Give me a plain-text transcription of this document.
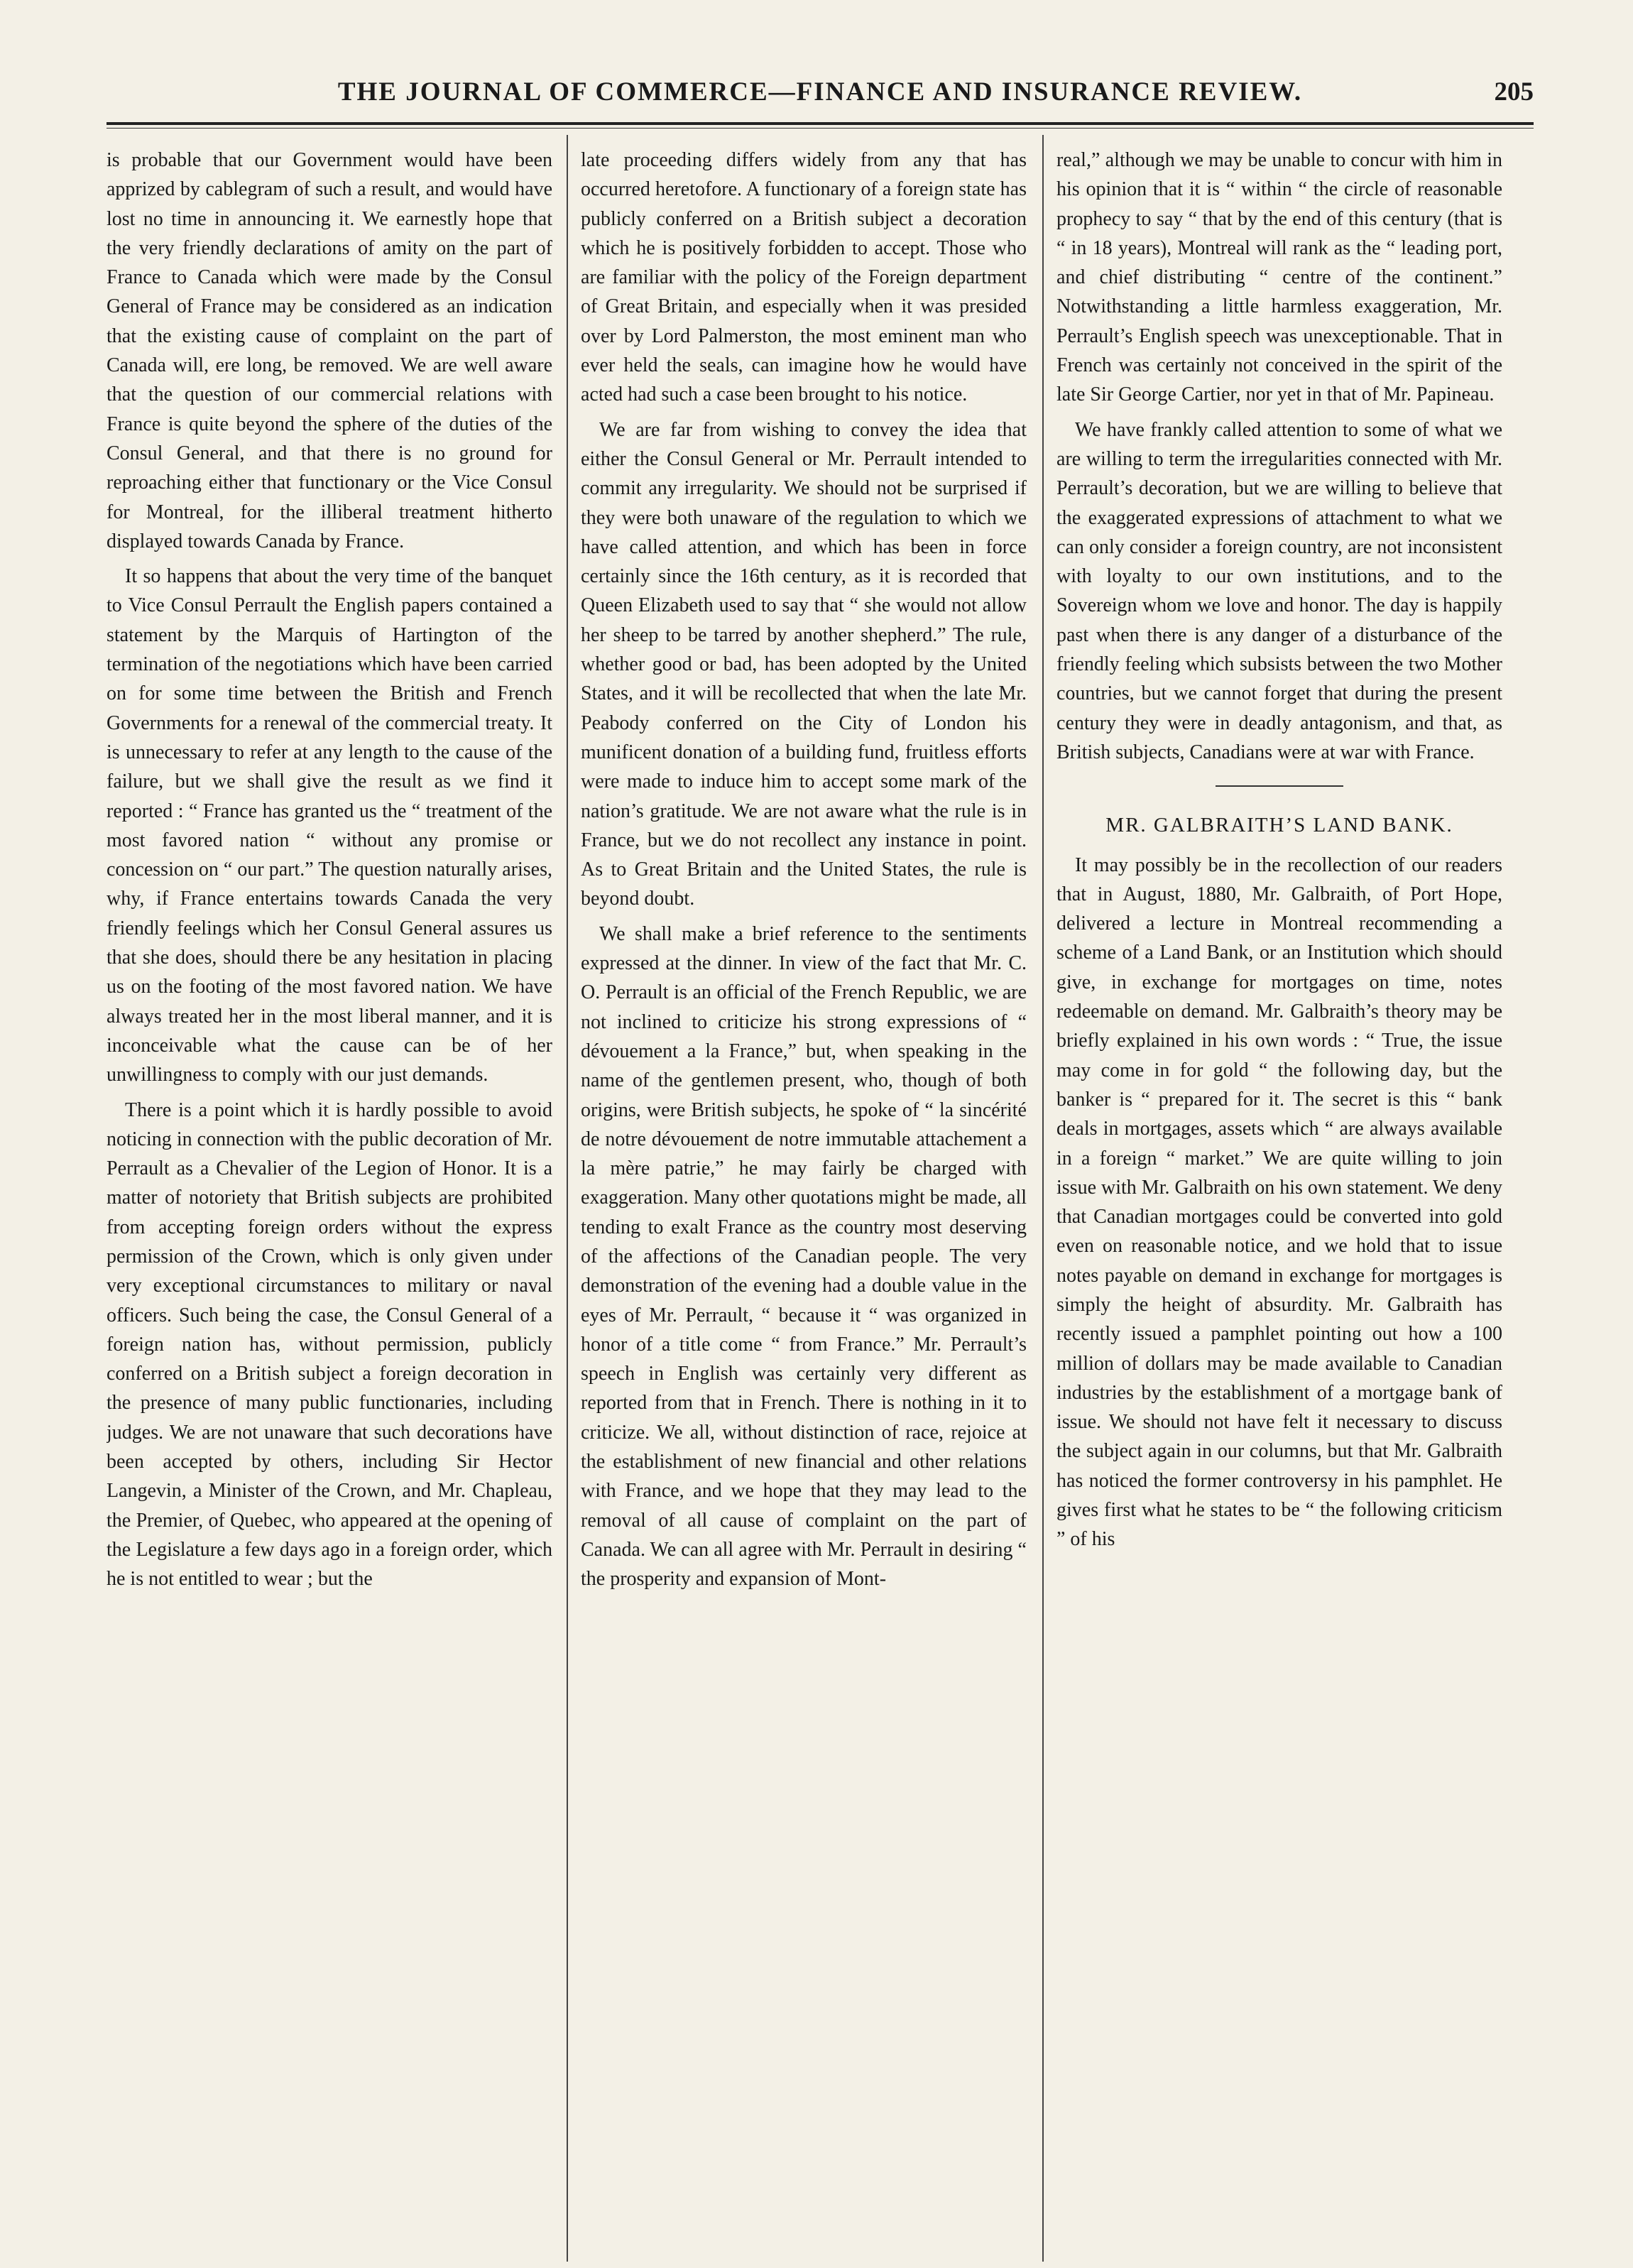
THE JOURNAL OF COMMERCE—FINANCE AND INSURANCE REVIEW.	205

is probable that our Government would have been apprized by cablegram of such a result, and would have lost no time in announcing it. We earnestly hope that the very friendly declarations of amity on the part of France to Canada which were made by the Consul General of France may be considered as an indication that the existing cause of complaint on the part of Canada will, ere long, be removed. We are well aware that the question of our commercial relations with France is quite beyond the sphere of the duties of the Consul General, and that there is no ground for reproaching either that functionary or the Vice Consul for Montreal, for the illiberal treatment hitherto displayed towards Canada by France.

It so happens that about the very time of the banquet to Vice Consul Perrault the English papers contained a statement by the Marquis of Hartington of the termination of the negotiations which have been carried on for some time between the British and French Governments for a renewal of the commercial treaty. It is unnecessary to refer at any length to the cause of the failure, but we shall give the result as we find it reported : “ France has granted us the “ treatment of the most favored nation “ without any promise or concession on “ our part.” The question naturally arises, why, if France entertains towards Canada the very friendly feelings which her Consul General assures us that she does, should there be any hesitation in placing us on the footing of the most favored nation. We have always treated her in the most liberal manner, and it is inconceivable what the cause can be of her unwillingness to comply with our just demands.

There is a point which it is hardly possible to avoid noticing in connection with the public decoration of Mr. Perrault as a Chevalier of the Legion of Honor. It is a matter of notoriety that British subjects are prohibited from accepting foreign orders without the express permission of the Crown, which is only given under very exceptional circumstances to military or naval officers. Such being the case, the Consul General of a foreign nation has, without permission, publicly conferred on a British subject a foreign decoration in the presence of many public functionaries, including judges. We are not unaware that such decorations have been accepted by others, including Sir Hector Langevin, a Minister of the Crown, and Mr. Chapleau, the Premier, of Quebec, who appeared at the opening of the Legislature a few days ago in a foreign order, which he is not entitled to wear ; but the

late proceeding differs widely from any that has occurred heretofore. A functionary of a foreign state has publicly conferred on a British subject a decoration which he is positively forbidden to accept. Those who are familiar with the policy of the Foreign department of Great Britain, and especially when it was presided over by Lord Palmerston, the most eminent man who ever held the seals, can imagine how he would have acted had such a case been brought to his notice.

We are far from wishing to convey the idea that either the Consul General or Mr. Perrault intended to commit any irregularity. We should not be surprised if they were both unaware of the regulation to which we have called attention, and which has been in force certainly since the 16th century, as it is recorded that Queen Elizabeth used to say that “ she would not allow her sheep to be tarred by another shepherd.” The rule, whether good or bad, has been adopted by the United States, and it will be recollected that when the late Mr. Peabody conferred on the City of London his munificent donation of a building fund, fruitless efforts were made to induce him to accept some mark of the nation’s gratitude. We are not aware what the rule is in France, but we do not recollect any instance in point. As to Great Britain and the United States, the rule is beyond doubt.

We shall make a brief reference to the sentiments expressed at the dinner. In view of the fact that Mr. C. O. Perrault is an official of the French Republic, we are not inclined to criticize his strong expressions of “ dévouement a la France,” but, when speaking in the name of the gentlemen present, who, though of both origins, were British subjects, he spoke of “ la sincérité de notre dévouement de notre immutable attachement a la mère patrie,” he may fairly be charged with exaggeration. Many other quotations might be made, all tending to exalt France as the country most deserving of the affections of the Canadian people. The very demonstration of the evening had a double value in the eyes of Mr. Perrault, “ because it “ was organized in honor of a title come “ from France.” Mr. Perrault’s speech in English was certainly very different as reported from that in French. There is nothing in it to criticize. We all, without distinction of race, rejoice at the establishment of new financial and other relations with France, and we hope that they may lead to the removal of all cause of complaint on the part of Canada. We can all agree with Mr. Perrault in desiring “ the prosperity and expansion of Mont-

real,” although we may be unable to concur with him in his opinion that it is “ within “ the circle of reasonable prophecy to say “ that by the end of this century (that is “ in 18 years), Montreal will rank as the “ leading port, and chief distributing “ centre of the continent.” Notwithstanding a little harmless exaggeration, Mr. Perrault’s English speech was unexceptionable. That in French was certainly not conceived in the spirit of the late Sir George Cartier, nor yet in that of Mr. Papineau.

We have frankly called attention to some of what we are willing to term the irregularities connected with Mr. Perrault’s decoration, but we are willing to believe that the exaggerated expressions of attachment to what we can only consider a foreign country, are not inconsistent with loyalty to our own institutions, and to the Sovereign whom we love and honor. The day is happily past when there is any danger of a disturbance of the friendly feeling which subsists between the two Mother countries, but we cannot forget that during the present century they were in deadly antagonism, and that, as British subjects, Canadians were at war with France.

MR. GALBRAITH’S LAND BANK.

It may possibly be in the recollection of our readers that in August, 1880, Mr. Galbraith, of Port Hope, delivered a lecture in Montreal recommending a scheme of a Land Bank, or an Institution which should give, in exchange for mortgages on time, notes redeemable on demand. Mr. Galbraith’s theory may be briefly explained in his own words : “ True, the issue may come in for gold “ the following day, but the banker is “ prepared for it. The secret is this “ bank deals in mortgages, assets which “ are always available in a foreign “ market.” We are quite willing to join issue with Mr. Galbraith on his own statement. We deny that Canadian mortgages could be converted into gold even on reasonable notice, and we hold that to issue notes payable on demand in exchange for mortgages is simply the height of absurdity. Mr. Galbraith has recently issued a pamphlet pointing out how a 100 million of dollars may be made available to Canadian industries by the establishment of a mortgage bank of issue. We should not have felt it necessary to discuss the subject again in our columns, but that Mr. Galbraith has noticed the former controversy in his pamphlet. He gives first what he states to be “ the following criticism ” of his
